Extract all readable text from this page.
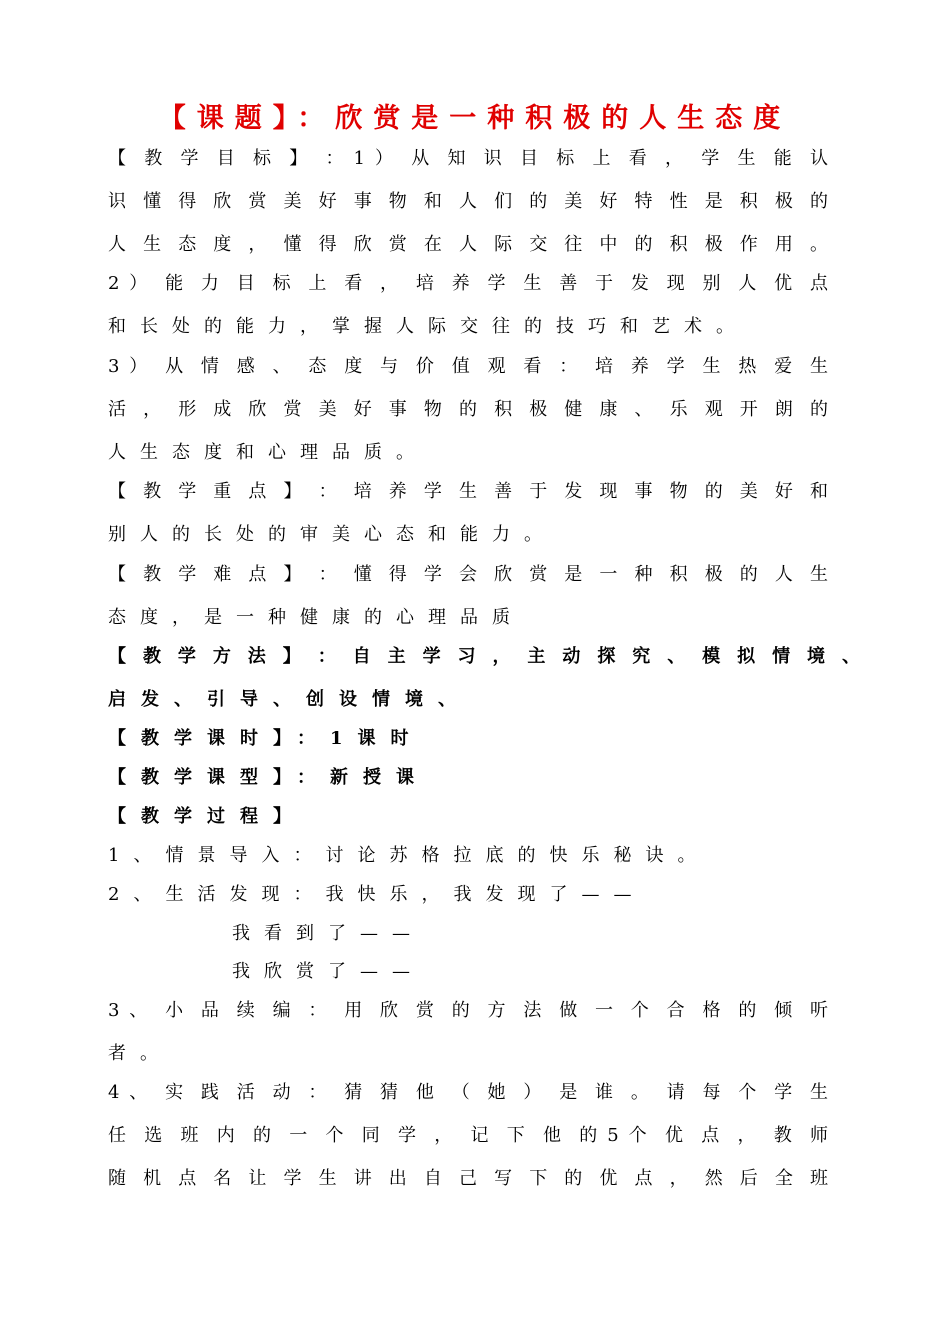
【课题】：欣赏是一种积极的人生态度
【 教 学 目 标 】 ： 1 ） 从 知 识 目 标 上 看 ， 学 生 能 认
识 懂 得 欣 赏 美 好 事 物 和 人 们 的 美 好 特 性 是 积 极 的
人 生 态 度 ， 懂 得 欣 赏 在 人 际 交 往 中 的 积 极 作 用 。
2 ） 能 力 目 标 上 看 ， 培 养 学 生 善 于 发 现 别 人 优 点
和长处的能力，掌握人际交往的技巧和艺术。
3 ） 从 情 感 、 态 度 与 价 值 观 看 ： 培 养 学 生 热 爱 生
活 ， 形 成 欣 赏 美 好 事 物 的 积 极 健 康 、 乐 观 开 朗 的
人生态度和心理品质。
【 教 学 重 点 】 ： 培 养 学 生 善 于 发 现 事 物 的 美 好 和
别人的长处的审美心态和能力。
【 教 学 难 点 】 ： 懂 得 学 会 欣 赏 是 一 种 积 极 的 人 生
态度，是一种健康的心理品质
【 教 学 方 法 】 ： 自 主 学 习 ， 主 动 探 究 、 模 拟 情 境 、
启发、引导、创设情境、
【教学课时】：1课时
【教学课型】：新授课
【教学过程】
1、情景导入：讨论苏格拉底的快乐秘诀。
2、生活发现：我快乐，我发现了——
我看到了——
我欣赏了——
3 、 小 品 续 编 ： 用 欣 赏 的 方 法 做 一 个 合 格 的 倾 听
者。
4 、 实 践 活 动 ： 猜 猜 他 （ 她 ） 是 谁 。 请 每 个 学 生
任 选 班 内 的 一 个 同 学 ， 记 下 他 的 5 个 优 点 ， 教 师
随 机 点 名 让 学 生 讲 出 自 己 写 下 的 优 点 ， 然 后 全 班
